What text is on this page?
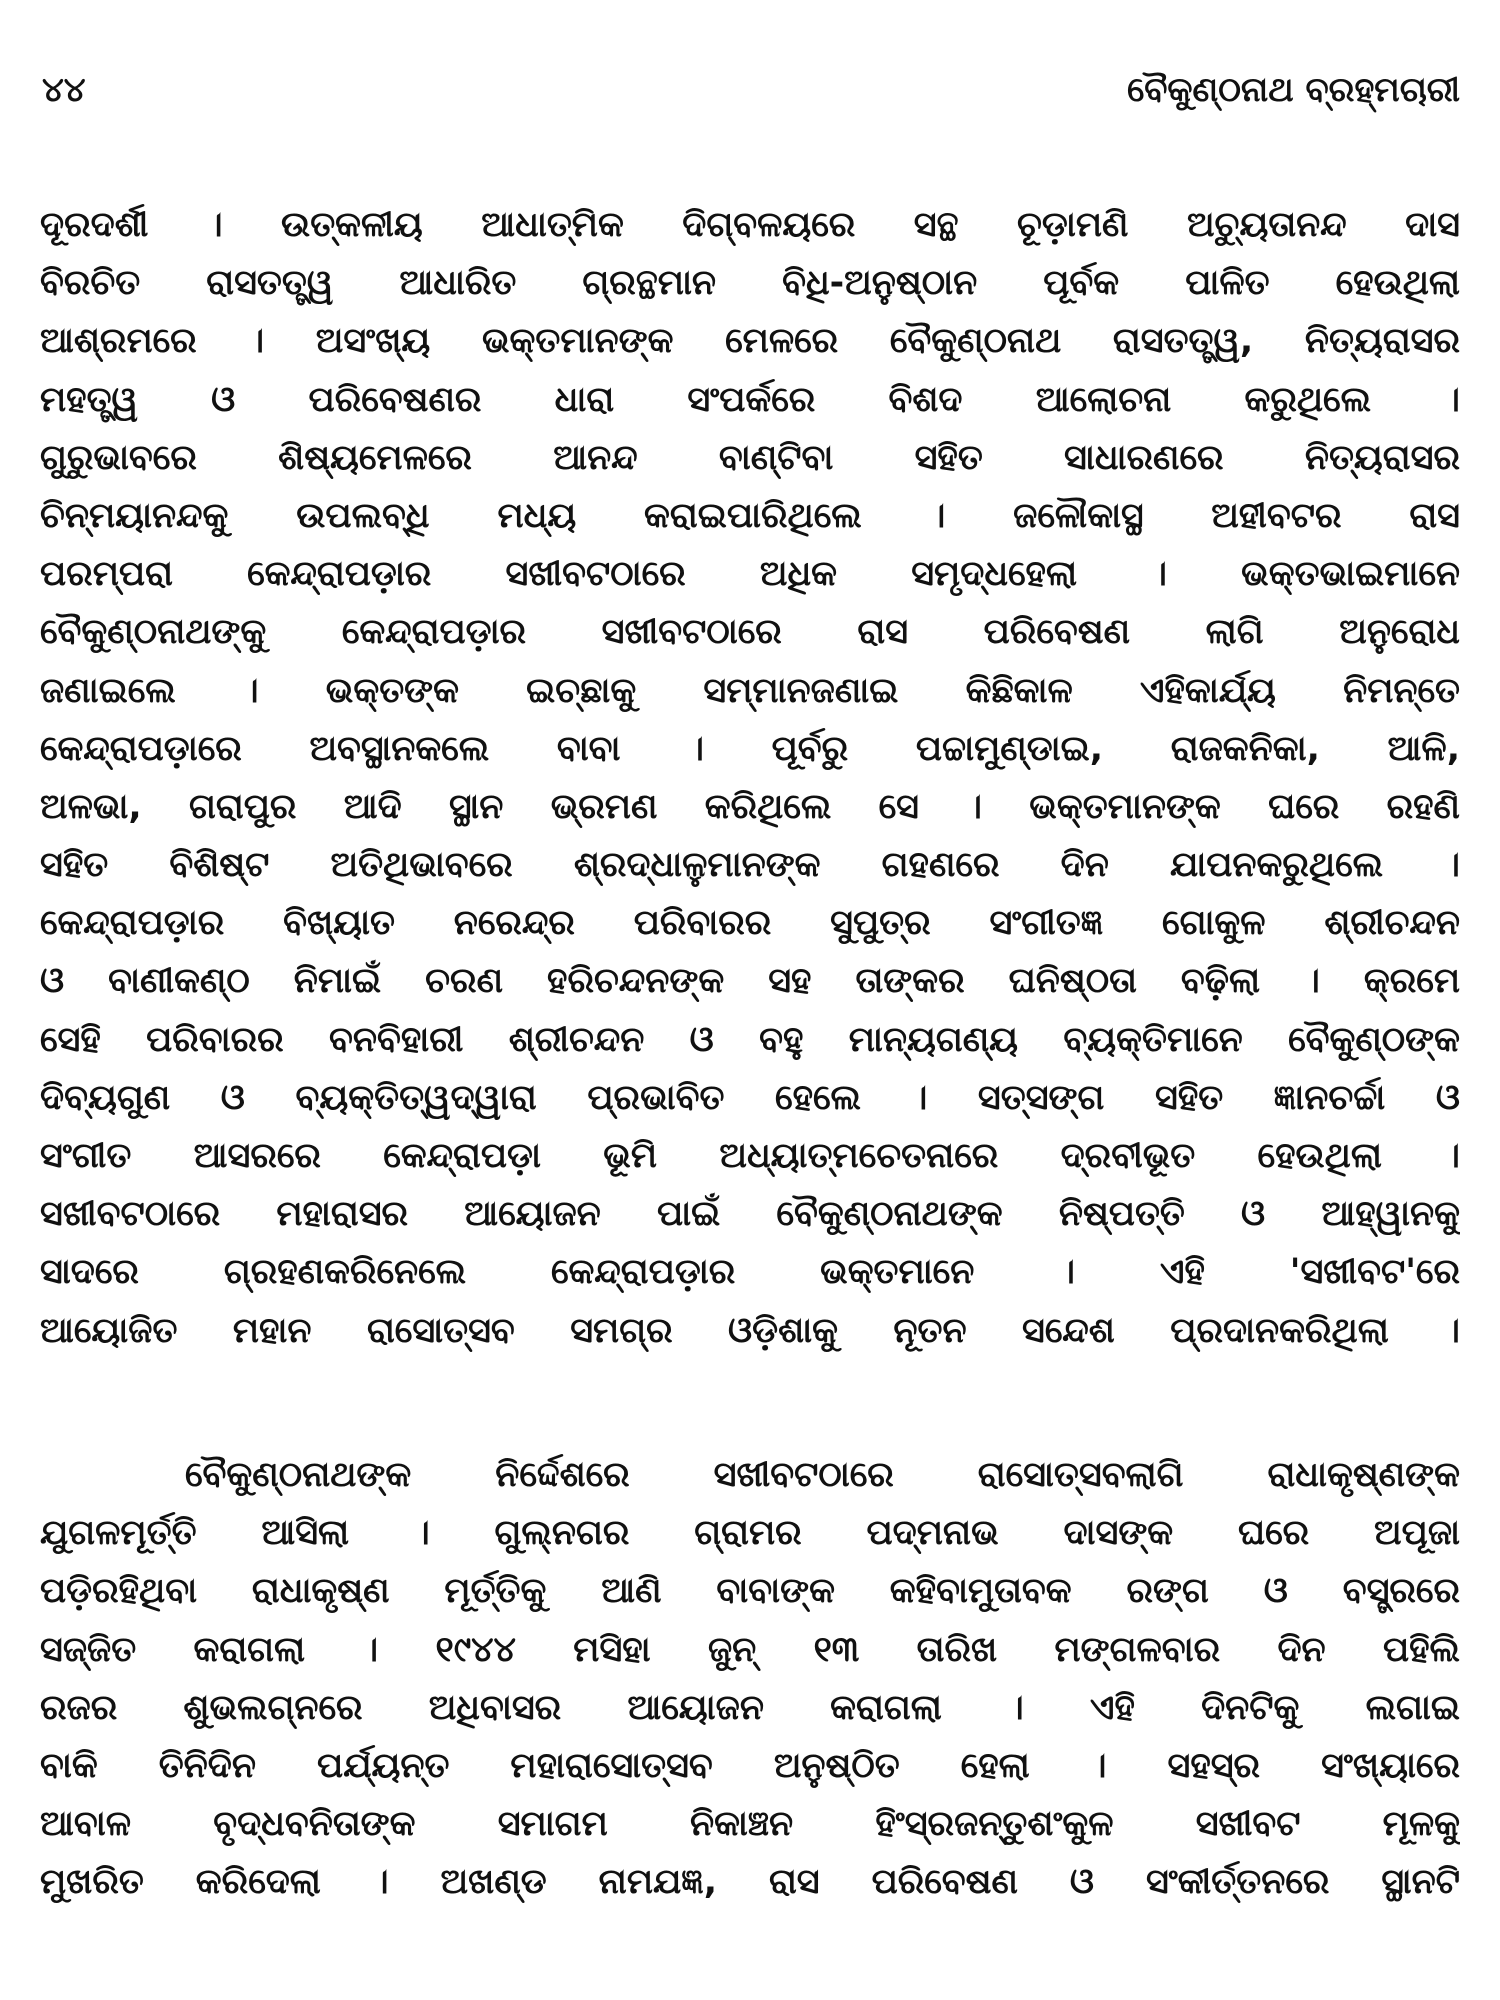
୪୪	ବୈକୁଣ୍ଠନାଥ ବ୍ରହ୍ମଚାରୀ
ଦୂରଦର୍ଶୀ । ଉତ୍କଳୀୟ ଆଧାତ୍ମିକ ଦିଗ୍‌ବଳୟରେ ସନ୍ଥ ଚୂଡ଼ାମଣି ଅଚ୍ୟୁତାନନ୍ଦ ଦାସ
ବିରଚିତ ରାସତତ୍ତ୍ୱ ଆଧାରିତ ଗ୍ରନ୍ଥମାନ ବିଧି-ଅନୁଷ୍ଠାନ ପୂର୍ବକ ପାଳିତ ହେଉଥିଲା
ଆଶ୍ରମରେ । ଅସଂଖ୍ୟ ଭକ୍ତମାନଙ୍କ ମେଳରେ ବୈକୁଣ୍ଠନାଥ ରାସତତ୍ତ୍ୱ, ନିତ୍ୟରାସର
ମହତ୍ତ୍ୱ ଓ ପରିବେଷଣର ଧାରା ସଂପର୍କରେ ବିଶଦ ଆଲୋଚନା କରୁଥିଲେ ।
ଗୁରୁଭାବରେ ଶିଷ୍ୟମେଳରେ ଆନନ୍ଦ ବାଣ୍ଟିବା ସହିତ ସାଧାରଣରେ ନିତ୍ୟରାସର
ଚିନ୍ମୟାନନ୍ଦକୁ ଉପଲବ୍ଧି ମଧ୍ୟ କରାଇପାରିଥିଲେ । ଜଳୌକାସ୍ଥ ଅହୀବଟର ରାସ
ପରମ୍ପରା କେନ୍ଦ୍ରାପଡ଼ାର ସଖୀବଟଠାରେ ଅଧିକ ସମୃଦ୍ଧହେଲା । ଭକ୍ତଭାଇମାନେ
ବୈକୁଣ୍ଠନାଥଙ୍କୁ କେନ୍ଦ୍ରାପଡ଼ାର ସଖୀବଟଠାରେ ରାସ ପରିବେଷଣ ଲାଗି ଅନୁରୋଧ
ଜଣାଇଲେ । ଭକ୍ତଙ୍କ ଇଚ୍ଛାକୁ ସମ୍ମାନଜଣାଇ କିଛିକାଳ ଏହିକାର୍ଯ୍ୟ ନିମନ୍ତେ
କେନ୍ଦ୍ରାପଡ଼ାରେ ଅବସ୍ଥାନକଲେ ବାବା । ପୂର୍ବରୁ ପଚ୍ଚାମୁଣ୍ଡାଇ, ରାଜକନିକା, ଆଳି,
ଅଳଭା, ଗରାପୁର ଆଦି ସ୍ଥାନ ଭ୍ରମଣ କରିଥିଲେ ସେ । ଭକ୍ତମାନଙ୍କ ଘରେ ରହଣି
ସହିତ ବିଶିଷ୍ଟ ଅତିଥିଭାବରେ ଶ୍ରଦ୍ଧାଳୁମାନଙ୍କ ଗହଣରେ ଦିନ ଯାପନକରୁଥିଲେ ।
କେନ୍ଦ୍ରାପଡ଼ାର ବିଖ୍ୟାତ ନରେନ୍ଦ୍ର ପରିବାରର ସୁପୁତ୍ର ସଂଗୀତଜ୍ଞ ଗୋକୁଳ ଶ୍ରୀଚନ୍ଦନ
ଓ ବାଣୀକଣ୍ଠ ନିମାଇଁ ଚରଣ ହରିଚନ୍ଦନଙ୍କ ସହ ତାଙ୍କର ଘନିଷ୍ଠତା ବଢ଼ିଲା । କ୍ରମେ
ସେହି ପରିବାରର ବନବିହାରୀ ଶ୍ରୀଚନ୍ଦନ ଓ ବହୁ ମାନ୍ୟଗଣ୍ୟ ବ୍ୟକ୍ତିମାନେ ବୈକୁଣ୍ଠଙ୍କ
ଦିବ୍ୟଗୁଣ ଓ ବ୍ୟକ୍ତିତ୍ୱଦ୍ୱାରା ପ୍ରଭାବିତ ହେଲେ । ସତ୍‌ସଙ୍ଗ ସହିତ ଜ୍ଞାନଚର୍ଚ୍ଚା ଓ
ସଂଗୀତ ଆସରରେ କେନ୍ଦ୍ରାପଡ଼ା ଭୂମି ଅଧ୍ୟାତ୍ମଚେତନାରେ ଦ୍ରବୀଭୂତ ହେଉଥିଲା ।
ସଖୀବଟଠାରେ ମହାରାସର ଆୟୋଜନ ପାଇଁ ବୈକୁଣ୍ଠନାଥଙ୍କ ନିଷ୍ପତ୍ତି ଓ ଆହ୍ୱାନକୁ
ସାଦରେ ଗ୍ରହଣକରିନେଲେ କେନ୍ଦ୍ରାପଡ଼ାର ଭକ୍ତମାନେ । ଏହି 'ସଖୀବଟ'ରେ
ଆୟୋଜିତ ମହାନ ରାସୋତ୍ସବ ସମଗ୍ର ଓଡ଼ିଶାକୁ ନୂତନ ସନ୍ଦେଶ ପ୍ରଦାନକରିଥିଲା ।
ବୈକୁଣ୍ଠନାଥଙ୍କ ନିର୍ଦ୍ଦେଶରେ ସଖୀବଟଠାରେ ରାସୋତ୍ସବଲାଗି ରାଧାକୃଷ୍ଣଙ୍କ
ଯୁଗଳମୂର୍ତ୍ତି ଆସିଲା । ଗୁଲ୍‌ନଗର ଗ୍ରାମର ପଦ୍ମନାଭ ଦାସଙ୍କ ଘରେ ଅପୂଜା
ପଡ଼ିରହିଥିବା ରାଧାକୃଷ୍ଣ ମୂର୍ତ୍ତିକୁ ଆଣି ବାବାଙ୍କ କହିବାମୁତାବକ ରଙ୍ଗ ଓ ବସ୍ତ୍ରରେ
ସଜ୍ଜିତ କରାଗଲା । ୧୯୪୪ ମସିହା ଜୁନ୍ ୧୩ ତାରିଖ ମଙ୍ଗଳବାର ଦିନ ପହିଲି
ରଜର ଶୁଭଲଗ୍ନରେ ଅଧିବାସର ଆୟୋଜନ କରାଗଲା । ଏହି ଦିନଟିକୁ ଲଗାଇ
ବାକି ତିନିଦିନ ପର୍ଯ୍ୟନ୍ତ ମହାରାସୋତ୍ସବ ଅନୁଷ୍ଠିତ ହେଲା । ସହସ୍ର ସଂଖ୍ୟାରେ
ଆବାଳ ବୃଦ୍ଧବନିତାଙ୍କ ସମାଗମ ନିକାଞ୍ଚନ ହିଂସ୍ରଜନ୍ତୁଶଂକୁଳ ସଖୀବଟ ମୂଳକୁ
ମୁଖରିତ କରିଦେଲା । ଅଖଣ୍ଡ ନାମଯଜ୍ଞ, ରାସ ପରିବେଷଣ ଓ ସଂକୀର୍ତ୍ତନରେ ସ୍ଥାନଟି
